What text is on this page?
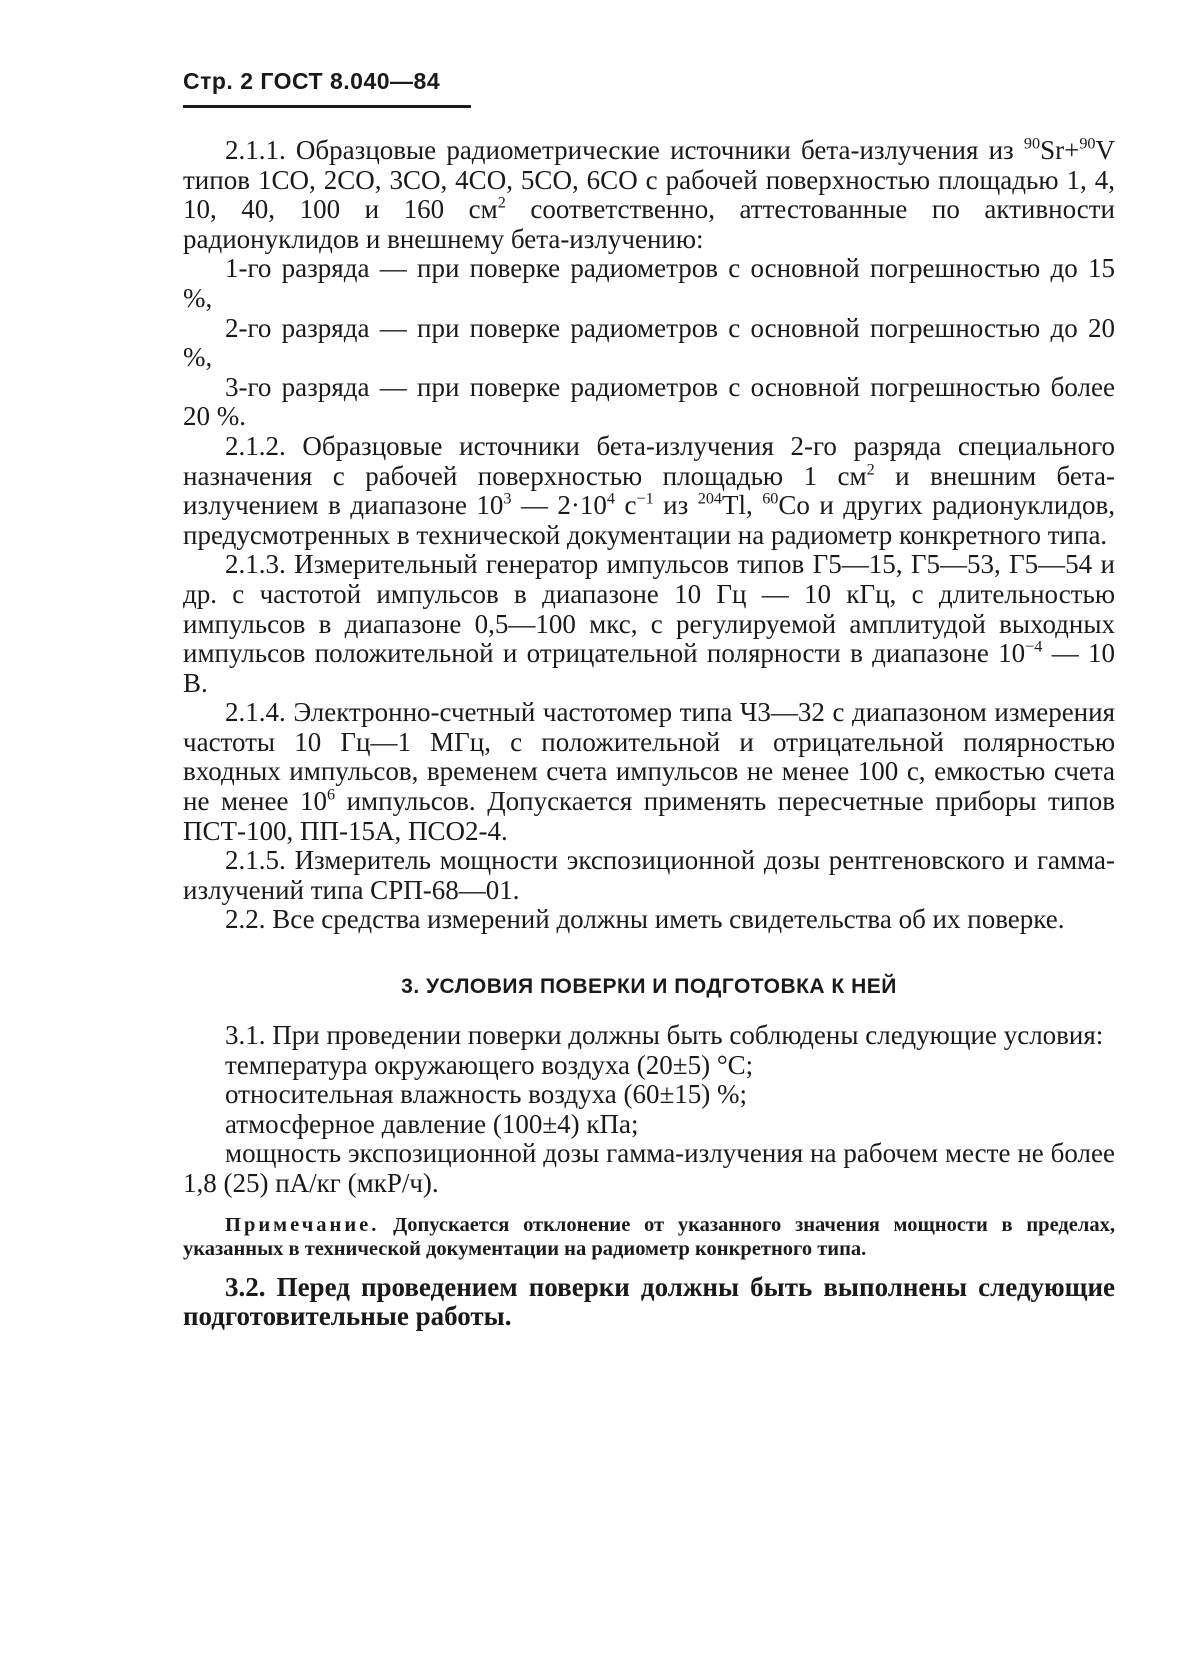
Стр. 2 ГОСТ 8.040—84

2.1.1. Образцовые радиометрические источники бета-излучения из $^{90}$Sr+$^{90}$V типов 1СО, 2СО, 3СО, 4СО, 5СО, 6СО с рабочей поверхностью площадью 1, 4, 10, 40, 100 и 160 $см^2$ соответственно, аттестованные по активности радионуклидов и внешнему бета-излучению:

1-го разряда — при поверке радиометров с основной погрешностью до 15 %,

2-го разряда — при поверке радиометров с основной погрешностью до 20 %,

3-го разряда — при поверке радиометров с основной погрешностью более 20 %.

2.1.2. Образцовые источники бета-излучения 2-го разряда специального назначения с рабочей поверхностью площадью 1 $см^2$ и внешним бета-излучением в диапазоне $10^3$ — $2\cdot 10^4$ $с^{-1}$ из $^{204}$Tl, $^{60}$Co и других радионуклидов, предусмотренных в технической документации на радиометр конкретного типа.

2.1.3. Измерительный генератор импульсов типов Г5—15, Г5—53, Г5—54 и др. с частотой импульсов в диапазоне 10 Гц — 10 кГц, с длительностью импульсов в диапазоне 0,5—100 мкс, с регулируемой амплитудой выходных импульсов положительной и отрицательной полярности в диапазоне $10^{-4}$ — 10 В.

2.1.4. Электронно-счетный частотомер типа Ч3—32 с диапазоном измерения частоты 10 Гц—1 МГц, с положительной и отрицательной полярностью входных импульсов, временем счета импульсов не менее 100 с, емкостью счета не менее $10^6$ импульсов. Допускается применять пересчетные приборы типов ПСТ-100, ПП-15А, ПСО2-4.

2.1.5. Измеритель мощности экспозиционной дозы рентгеновского и гамма-излучений типа СРП-68—01.

2.2. Все средства измерений должны иметь свидетельства об их поверке.

3. УСЛОВИЯ ПОВЕРКИ И ПОДГОТОВКА К НЕЙ

3.1. При проведении поверки должны быть соблюдены следующие условия:

температура окружающего воздуха (20±5) °С;

относительная влажность воздуха (60±15) %;

атмосферное давление (100±4) кПа;

мощность экспозиционной дозы гамма-излучения на рабочем месте не более 1,8 (25) пА/кг (мкР/ч).

Примечание. Допускается отклонение от указанного значения мощности в пределах, указанных в технической документации на радиометр конкретного типа.

3.2. Перед проведением поверки должны быть выполнены следующие подготовительные работы.
